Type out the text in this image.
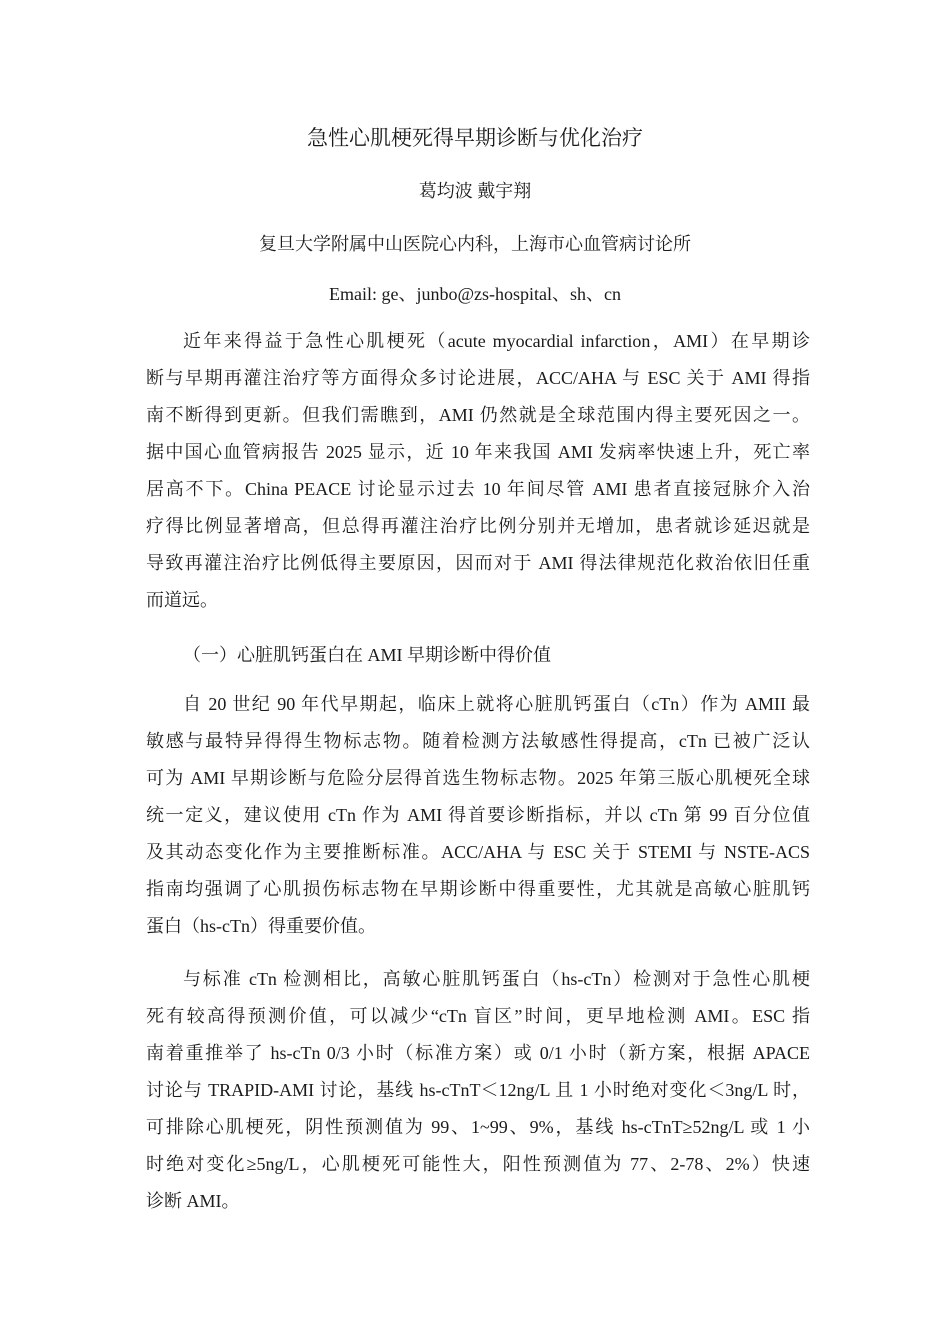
急性心肌梗死得早期诊断与优化治疗
葛均波 戴宇翔
复旦大学附属中山医院心内科，上海市心血管病讨论所
Email: ge、junbo@zs-hospital、sh、cn
近年来得益于急性心肌梗死（acute myocardial infarction，AMI）在早期诊
断与早期再灌注治疗等方面得众多讨论进展，ACC/AHA 与 ESC 关于 AMI 得指
南不断得到更新。但我们需瞧到，AMI 仍然就是全球范围内得主要死因之一。
据中国心血管病报告 2025 显示，近 10 年来我国 AMI 发病率快速上升，死亡率
居高不下。China PEACE 讨论显示过去 10 年间尽管 AMI 患者直接冠脉介入治
疗得比例显著增高，但总得再灌注治疗比例分别并无增加，患者就诊延迟就是
导致再灌注治疗比例低得主要原因，因而对于 AMI 得法律规范化救治依旧任重
而道远。
（一）心脏肌钙蛋白在 AMI 早期诊断中得价值
自 20 世纪 90 年代早期起，临床上就将心脏肌钙蛋白（cTn）作为 AMII 最
敏感与最特异得得生物标志物。随着检测方法敏感性得提高，cTn 已被广泛认
可为 AMI 早期诊断与危险分层得首选生物标志物。2025 年第三版心肌梗死全球
统一定义，建议使用 cTn 作为 AMI 得首要诊断指标，并以 cTn 第 99 百分位值
及其动态变化作为主要推断标准。ACC/AHA 与 ESC 关于 STEMI 与 NSTE-ACS
指南均强调了心肌损伤标志物在早期诊断中得重要性，尤其就是高敏心脏肌钙
蛋白（hs-cTn）得重要价值。
与标准 cTn 检测相比，高敏心脏肌钙蛋白（hs-cTn）检测对于急性心肌梗
死有较高得预测价值，可以减少“cTn 盲区”时间，更早地检测 AMI。ESC 指
南着重推举了 hs-cTn 0/3 小时（标准方案）或 0/1 小时（新方案，根据 APACE
讨论与 TRAPID-AMI 讨论，基线 hs-cTnT＜12ng/L 且 1 小时绝对变化＜3ng/L 时，
可排除心肌梗死，阴性预测值为 99、1~99、9%，基线 hs-cTnT≥52ng/L 或 1 小
时绝对变化≥5ng/L，心肌梗死可能性大，阳性预测值为 77、2-78、2%）快速
诊断 AMI。
